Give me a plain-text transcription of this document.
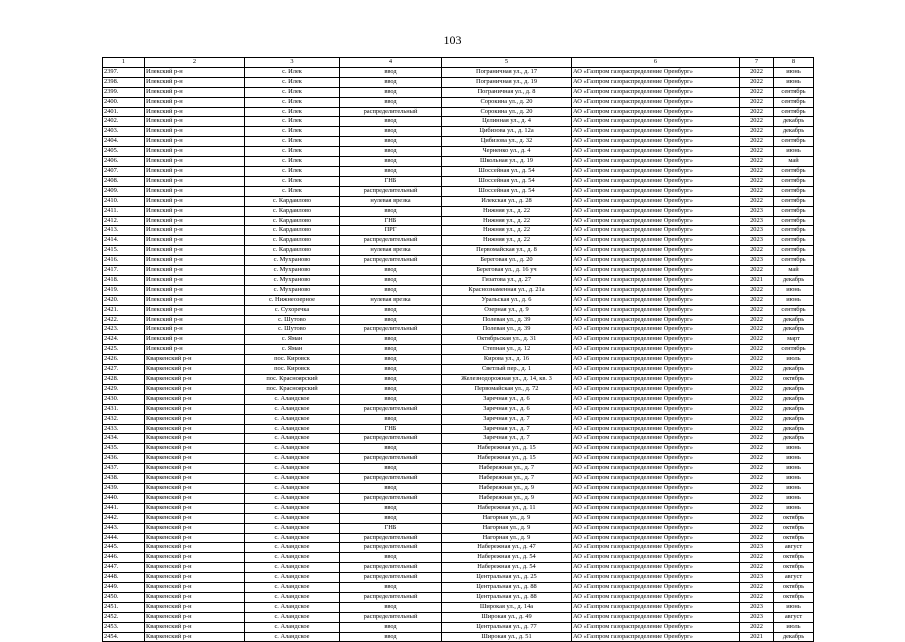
103
1	2	3	4	5	6	7	8
2397.	Илекский р-н	с. Илек	ввод	Пограничная ул., д. 17	АО «Газпром газораспределение Оренбург»	2022	июнь
2398.	Илекский р-н	с. Илек	ввод	Пограничная ул., д. 19	АО «Газпром газораспределение Оренбург»	2022	июнь
2399.	Илекский р-н	с. Илек	ввод	Пограничная ул., д. 8	АО «Газпром газораспределение Оренбург»	2022	сентябрь
2400.	Илекский р-н	с. Илек	ввод	Сорокина ул., д. 20	АО «Газпром газораспределение Оренбург»	2022	сентябрь
2401.	Илекский р-н	с. Илек	распределительный	Сорокина ул., д. 20	АО «Газпром газораспределение Оренбург»	2022	сентябрь
2402.	Илекский р-н	с. Илек	ввод	Целинная ул., д. 4	АО «Газпром газораспределение Оренбург»	2022	декабрь
2403.	Илекский р-н	с. Илек	ввод	Цибизова ул., д. 12а	АО «Газпром газораспределение Оренбург»	2022	декабрь
2404.	Илекский р-н	с. Илек	ввод	Цибизова ул., д. 32	АО «Газпром газораспределение Оренбург»	2022	сентябрь
2405.	Илекский р-н	с. Илек	ввод	Черненко ул., д. 4	АО «Газпром газораспределение Оренбург»	2022	июнь
2406.	Илекский р-н	с. Илек	ввод	Школьная ул., д. 19	АО «Газпром газораспределение Оренбург»	2022	май
2407.	Илекский р-н	с. Илек	ввод	Шоссейная ул., д. 54	АО «Газпром газораспределение Оренбург»	2022	сентябрь
2408.	Илекский р-н	с. Илек	ГНБ	Шоссейная ул., д. 54	АО «Газпром газораспределение Оренбург»	2022	сентябрь
2409.	Илекский р-н	с. Илек	распределительный	Шоссейная ул., д. 54	АО «Газпром газораспределение Оренбург»	2022	сентябрь
2410.	Илекский р-н	с. Кардаилово	нулевая врезка	Илекская ул., д. 28	АО «Газпром газораспределение Оренбург»	2022	сентябрь
2411.	Илекский р-н	с. Кардаилово	ввод	Нижняя ул., д. 22	АО «Газпром газораспределение Оренбург»	2023	сентябрь
2412.	Илекский р-н	с. Кардаилово	ГНБ	Нижняя ул., д. 22	АО «Газпром газораспределение Оренбург»	2023	сентябрь
2413.	Илекский р-н	с. Кардаилово	ПРГ	Нижняя ул., д. 22	АО «Газпром газораспределение Оренбург»	2023	сентябрь
2414.	Илекский р-н	с. Кардаилово	распределительный	Нижняя ул., д. 22	АО «Газпром газораспределение Оренбург»	2023	сентябрь
2415.	Илекский р-н	с. Кардаилово	нулевая врезка	Первомайская ул., д. 8	АО «Газпром газораспределение Оренбург»	2022	сентябрь
2416.	Илекский р-н	с. Мухраново	распределительный	Береговая ул., д. 20	АО «Газпром газораспределение Оренбург»	2023	сентябрь
2417.	Илекский р-н	с. Мухраново	ввод	Береговая ул., д. 16 уч	АО «Газпром газораспределение Оренбург»	2022	май
2418.	Илекский р-н	с. Мухраново	ввод	Гизатова ул., д. 27	АО «Газпром газораспределение Оренбург»	2021	декабрь
2419.	Илекский р-н	с. Мухраново	ввод	Краснознаменная ул., д. 21а	АО «Газпром газораспределение Оренбург»	2022	июнь
2420.	Илекский р-н	с. Нижнеозерное	нулевая врезка	Уральская ул., д. 6	АО «Газпром газораспределение Оренбург»	2022	июнь
2421.	Илекский р-н	с. Сухоречка	ввод	Озерная ул., д. 9	АО «Газпром газораспределение Оренбург»	2022	сентябрь
2422.	Илекский р-н	с. Шутово	ввод	Полевая ул., д. 39	АО «Газпром газораспределение Оренбург»	2022	декабрь
2423.	Илекский р-н	с. Шутово	распределительный	Полевая ул., д. 39	АО «Газпром газораспределение Оренбург»	2022	декабрь
2424.	Илекский р-н	с. Яман	ввод	Октябрьская ул., д. 31	АО «Газпром газораспределение Оренбург»	2022	март
2425.	Илекский р-н	с. Яман	ввод	Степная ул., д. 12	АО «Газпром газораспределение Оренбург»	2022	сентябрь
2426.	Кваркенский р-н	пос. Кировск	ввод	Кирова ул., д. 16	АО «Газпром газораспределение Оренбург»	2022	июль
2427.	Кваркенский р-н	пос. Кировск	ввод	Светлый пер., д. 1	АО «Газпром газораспределение Оренбург»	2022	декабрь
2428.	Кваркенский р-н	пос. Красноярский	ввод	Железнодорожная ул., д. 14, кв. 3	АО «Газпром газораспределение Оренбург»	2022	октябрь
2429.	Кваркенский р-н	пос. Красноярский	ввод	Первомайская ул., д. 72	АО «Газпром газораспределение Оренбург»	2022	декабрь
2430.	Кваркенский р-н	с. Аландское	ввод	Заречная ул., д. 6	АО «Газпром газораспределение Оренбург»	2022	декабрь
2431.	Кваркенский р-н	с. Аландское	распределительный	Заречная ул., д. 6	АО «Газпром газораспределение Оренбург»	2022	декабрь
2432.	Кваркенский р-н	с. Аландское	ввод	Заречная ул., д. 7	АО «Газпром газораспределение Оренбург»	2022	декабрь
2433.	Кваркенский р-н	с. Аландское	ГНБ	Заречная ул., д. 7	АО «Газпром газораспределение Оренбург»	2022	декабрь
2434.	Кваркенский р-н	с. Аландское	распределительный	Заречная ул., д. 7	АО «Газпром газораспределение Оренбург»	2022	декабрь
2435.	Кваркенский р-н	с. Аландское	ввод	Набережная ул., д. 15	АО «Газпром газораспределение Оренбург»	2022	июнь
2436.	Кваркенский р-н	с. Аландское	распределительный	Набережная ул., д. 15	АО «Газпром газораспределение Оренбург»	2022	июнь
2437.	Кваркенский р-н	с. Аландское	ввод	Набережная ул., д. 7	АО «Газпром газораспределение Оренбург»	2022	июнь
2438.	Кваркенский р-н	с. Аландское	распределительный	Набережная ул., д. 7	АО «Газпром газораспределение Оренбург»	2022	июнь
2439.	Кваркенский р-н	с. Аландское	ввод	Набережная ул., д. 9	АО «Газпром газораспределение Оренбург»	2022	июнь
2440.	Кваркенский р-н	с. Аландское	распределительный	Набережная ул., д. 9	АО «Газпром газораспределение Оренбург»	2022	июнь
2441.	Кваркенский р-н	с. Аландское	ввод	Набережная ул., д. 11	АО «Газпром газораспределение Оренбург»	2022	июнь
2442.	Кваркенский р-н	с. Аландское	ввод	Нагорная ул., д. 9	АО «Газпром газораспределение Оренбург»	2022	октябрь
2443.	Кваркенский р-н	с. Аландское	ГНБ	Нагорная ул., д. 9	АО «Газпром газораспределение Оренбург»	2022	октябрь
2444.	Кваркенский р-н	с. Аландское	распределительный	Нагорная ул., д. 9	АО «Газпром газораспределение Оренбург»	2022	октябрь
2445.	Кваркенский р-н	с. Аландское	распределительный	Набережная ул., д. 47	АО «Газпром газораспределение Оренбург»	2023	август
2446.	Кваркенский р-н	с. Аландское	ввод	Набережная ул., д. 54	АО «Газпром газораспределение Оренбург»	2022	октябрь
2447.	Кваркенский р-н	с. Аландское	распределительный	Набережная ул., д. 54	АО «Газпром газораспределение Оренбург»	2022	октябрь
2448.	Кваркенский р-н	с. Аландское	распределительный	Центральная ул., д. 25	АО «Газпром газораспределение Оренбург»	2023	август
2449.	Кваркенский р-н	с. Аландское	ввод	Центральная ул., д. 88	АО «Газпром газораспределение Оренбург»	2022	октябрь
2450.	Кваркенский р-н	с. Аландское	распределительный	Центральная ул., д. 88	АО «Газпром газораспределение Оренбург»	2022	октябрь
2451.	Кваркенский р-н	с. Аландское	ввод	Широкая ул., д. 14а	АО «Газпром газораспределение Оренбург»	2023	июнь
2452.	Кваркенский р-н	с. Аландское	распределительный	Широкая ул., д. 49	АО «Газпром газораспределение Оренбург»	2023	август
2453.	Кваркенский р-н	с. Аландское	ввод	Центральная ул., д. 77	АО «Газпром газораспределение Оренбург»	2022	июль
2454.	Кваркенский р-н	с. Аландское	ввод	Широкая ул., д. 51	АО «Газпром газораспределение Оренбург»	2021	декабрь
